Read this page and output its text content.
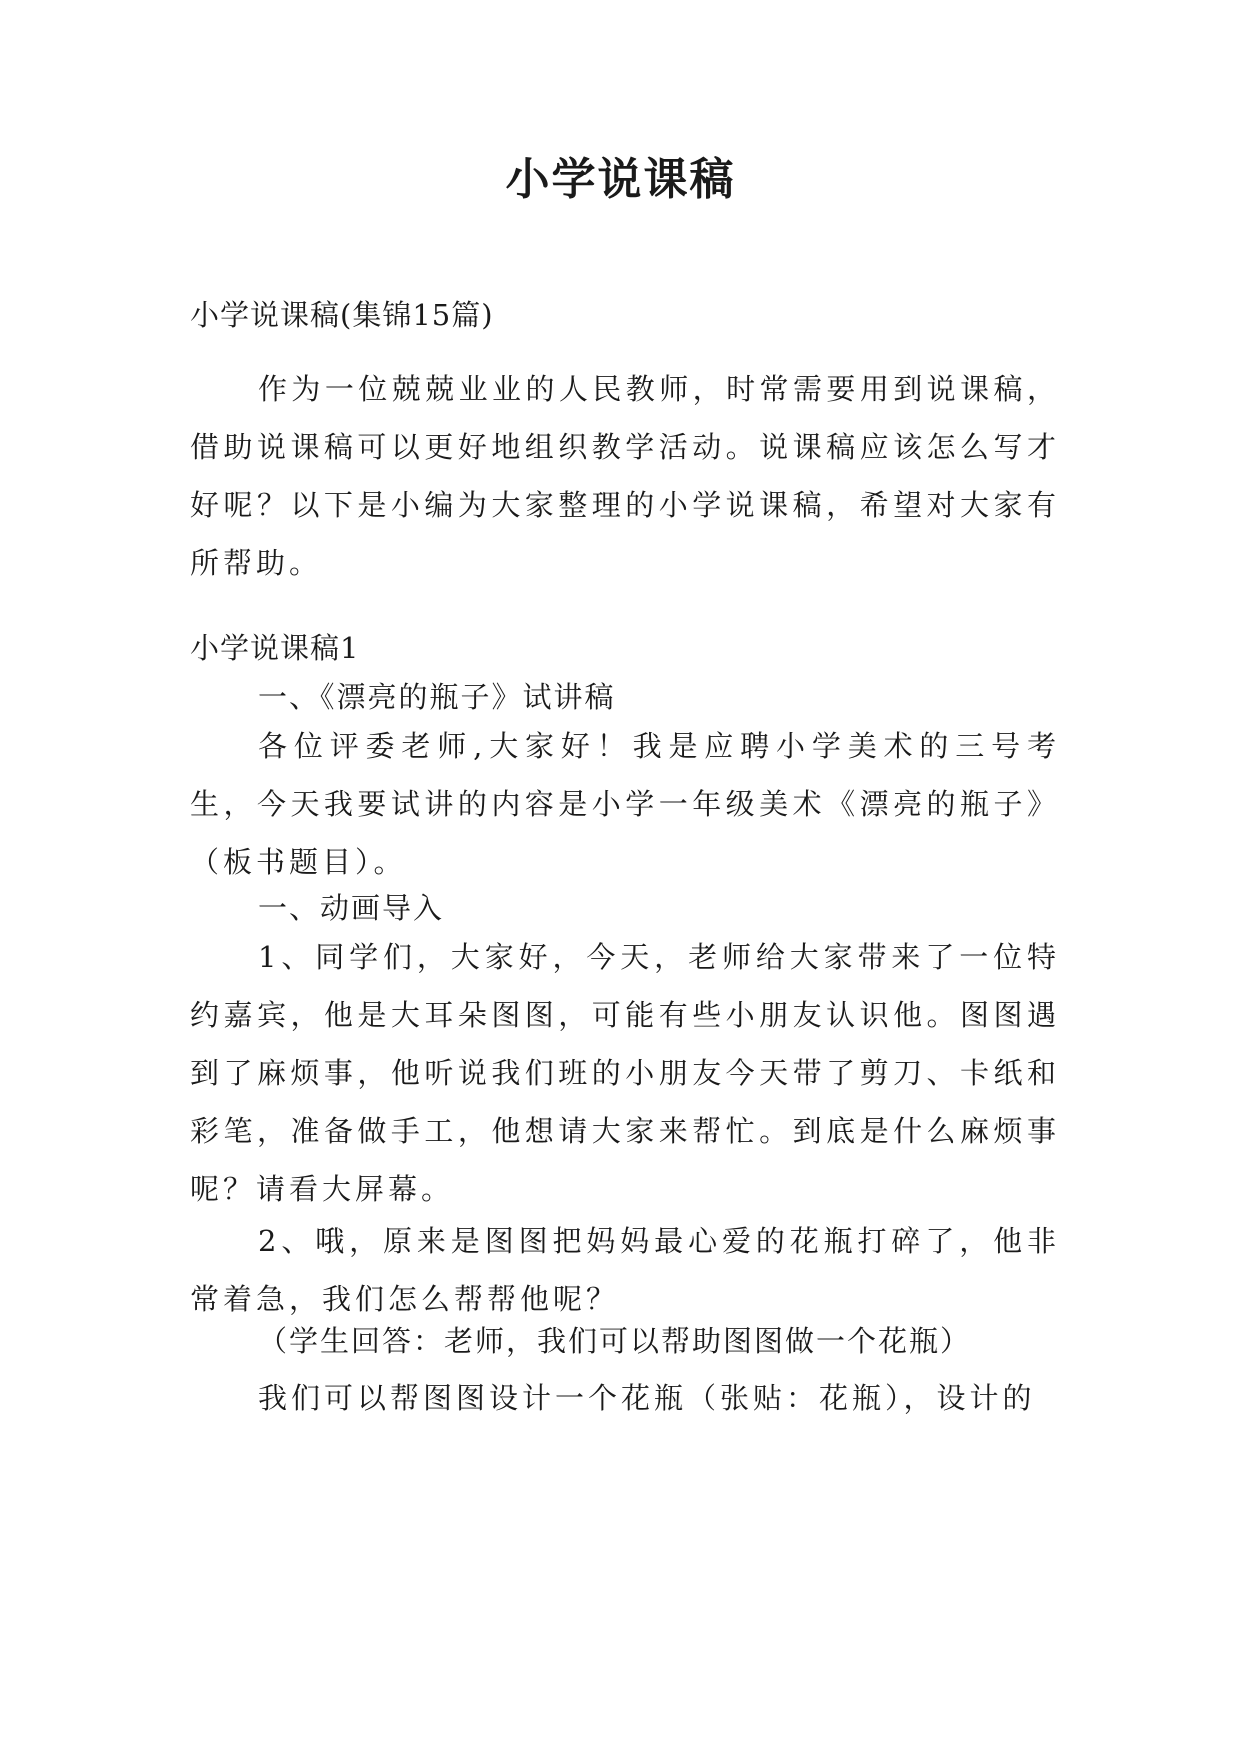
小学说课稿

小学说课稿(集锦15篇)

作为一位兢兢业业的人民教师，时常需要用到说课稿，借助说课稿可以更好地组织教学活动。说课稿应该怎么写才好呢？以下是小编为大家整理的小学说课稿，希望对大家有所帮助。

小学说课稿1

一、《漂亮的瓶子》试讲稿

各位评委老师,大家好！我是应聘小学美术的三号考生，今天我要试讲的内容是小学一年级美术《漂亮的瓶子》（板书题目）。

一、动画导入

1、同学们，大家好，今天，老师给大家带来了一位特约嘉宾，他是大耳朵图图，可能有些小朋友认识他。图图遇到了麻烦事，他听说我们班的小朋友今天带了剪刀、卡纸和彩笔，准备做手工，他想请大家来帮忙。到底是什么麻烦事呢？请看大屏幕。

2、哦，原来是图图把妈妈最心爱的花瓶打碎了，他非常着急，我们怎么帮帮他呢？

（学生回答：老师，我们可以帮助图图做一个花瓶）

我们可以帮图图设计一个花瓶（张贴：花瓶），设计的
